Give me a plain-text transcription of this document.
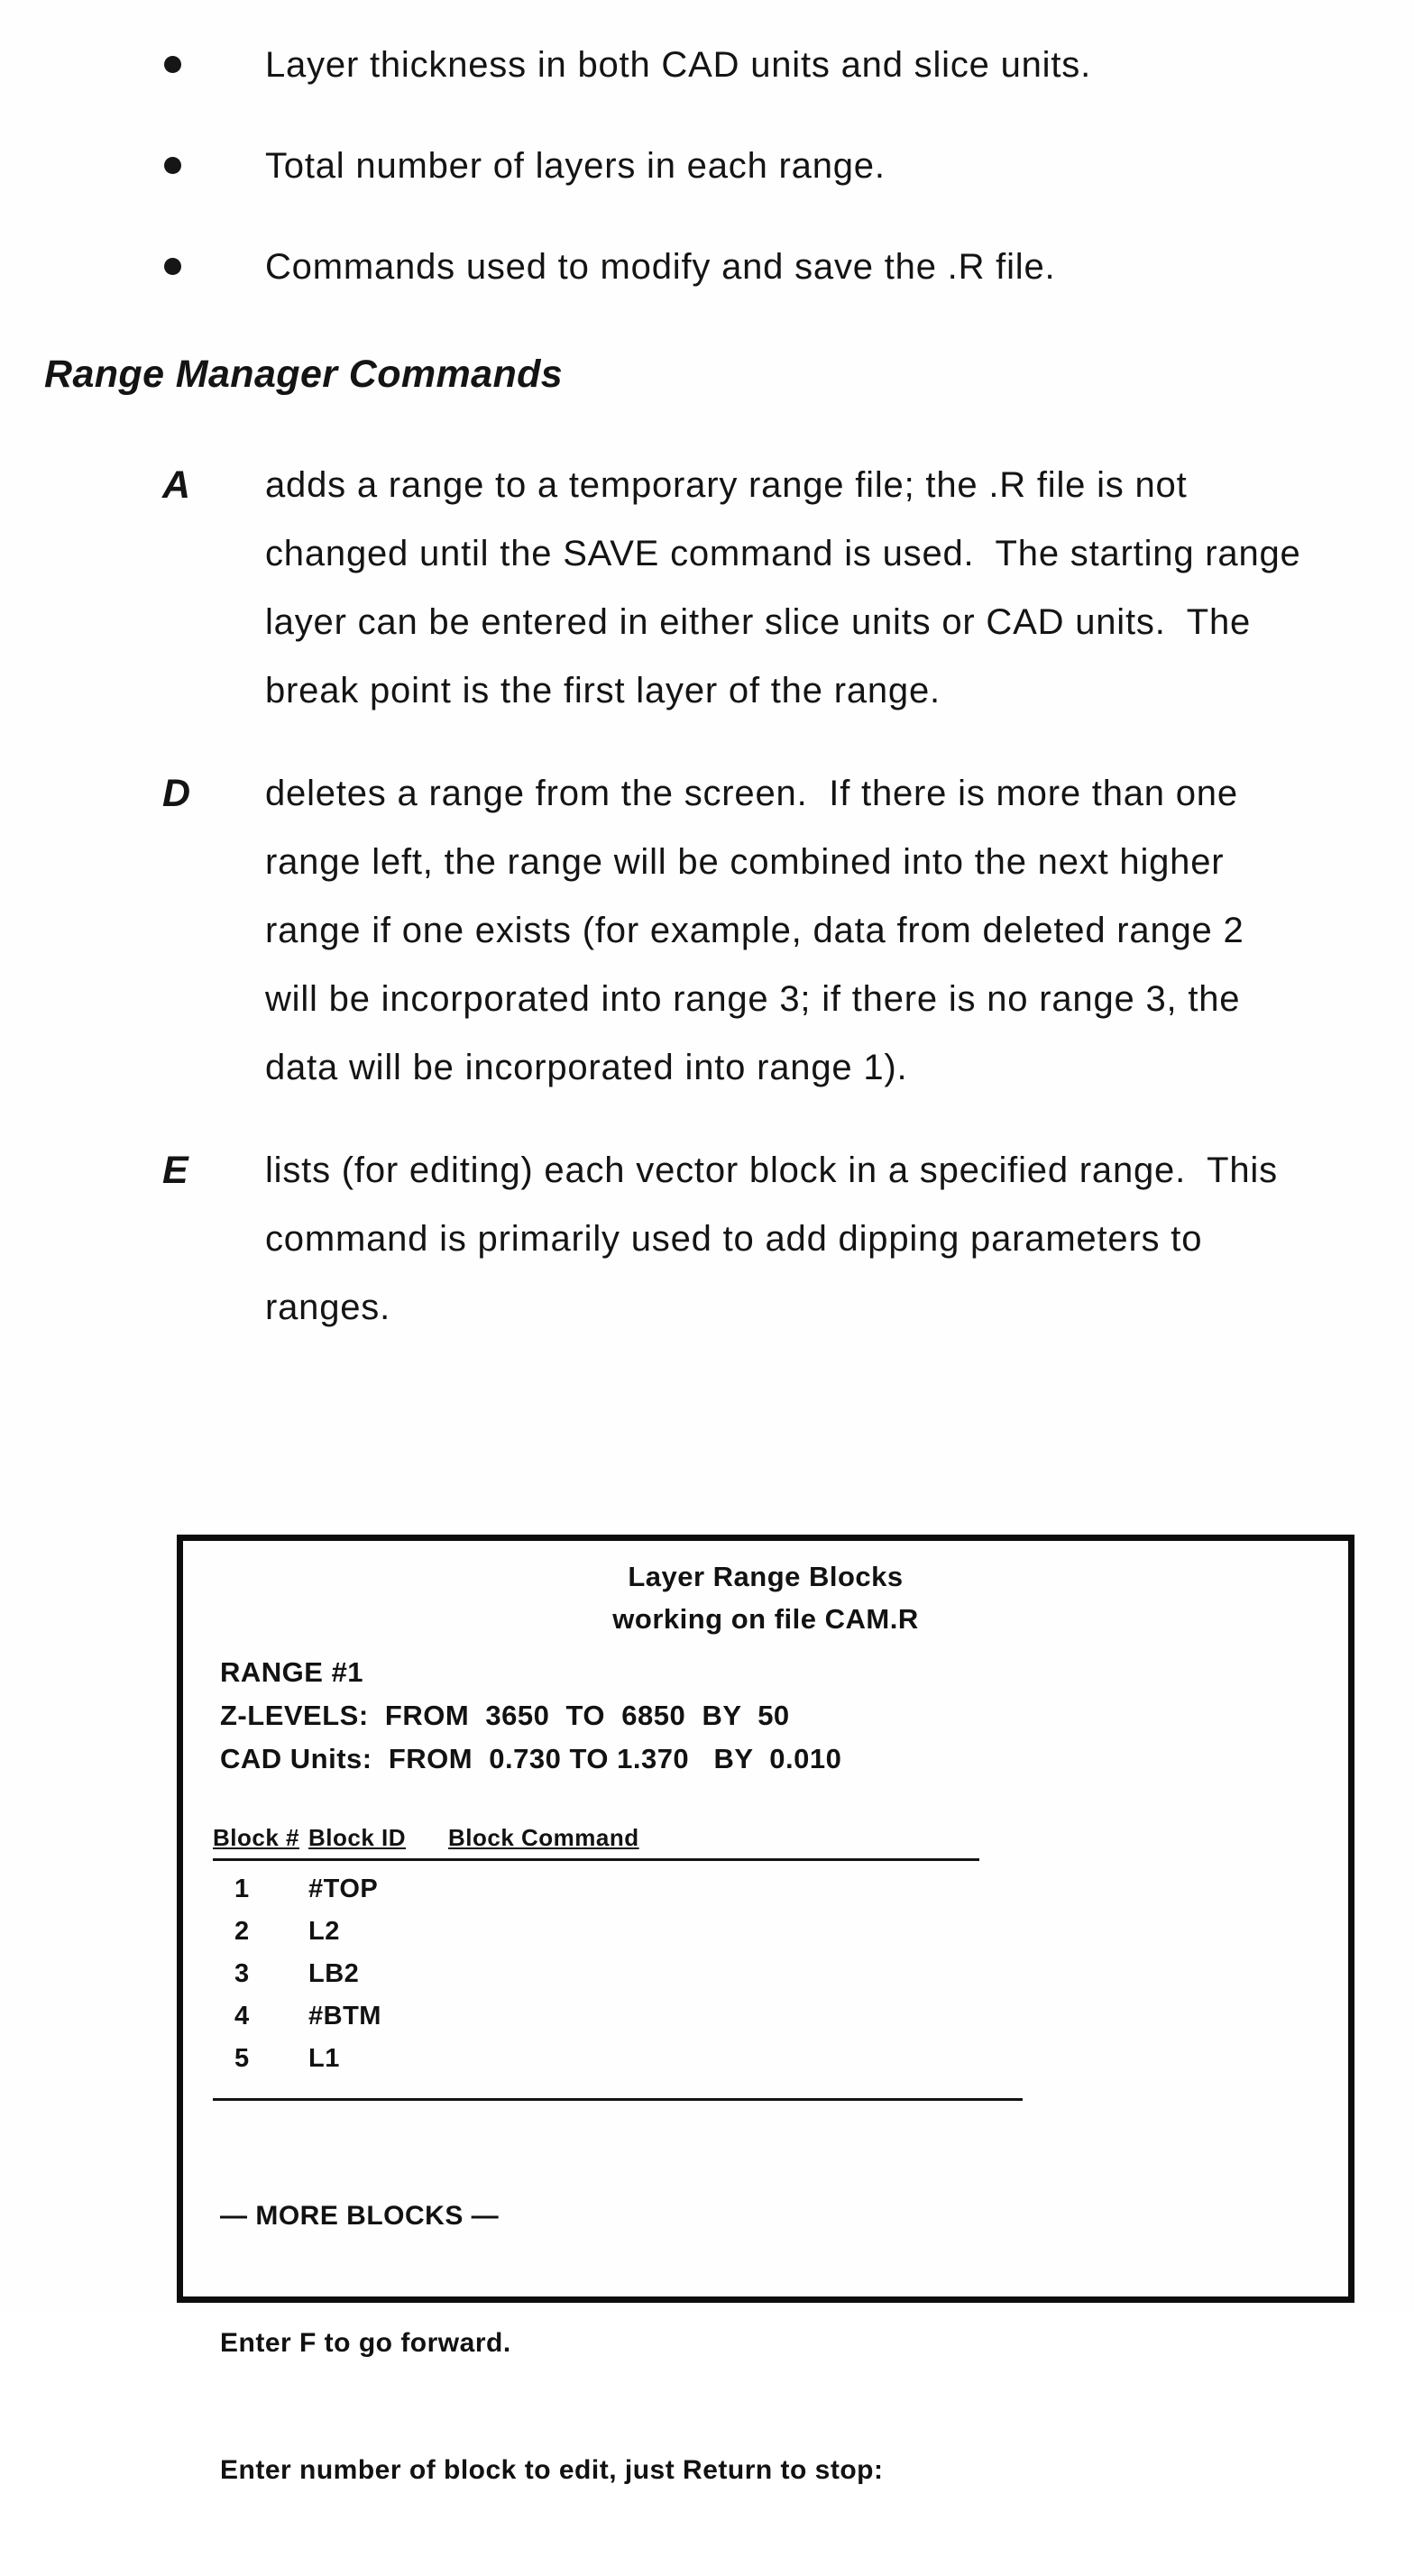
Layer thickness in both CAD units and slice units.
Total number of layers in each range.
Commands used to modify and save the .R file.
Range Manager Commands
A	adds a range to a temporary range file; the .R file is not changed until the SAVE command is used.  The starting range layer can be entered in either slice units or CAD units.  The break point is the first layer of the range.
D	deletes a range from the screen.  If there is more than one range left, the range will be combined into the next higher range if one exists (for example, data from deleted range 2 will be incorporated into range 3; if there is no range 3, the data will be incorporated into range 1).
E	lists (for editing) each vector block in a specified range.  This command is primarily used to add dipping parameters to ranges.
Layer Range Blocks
working on file CAM.R
RANGE #1
Z-LEVELS:  FROM  3650  TO  6850  BY  50
CAD Units:  FROM  0.730 TO 1.370   BY  0.010
Block # Block ID	Block Command
1	#TOP
2	L2
3	LB2
4	#BTM
5	L1

— MORE BLOCKS —

Enter F to go forward.

Enter number of block to edit, just Return to stop:
